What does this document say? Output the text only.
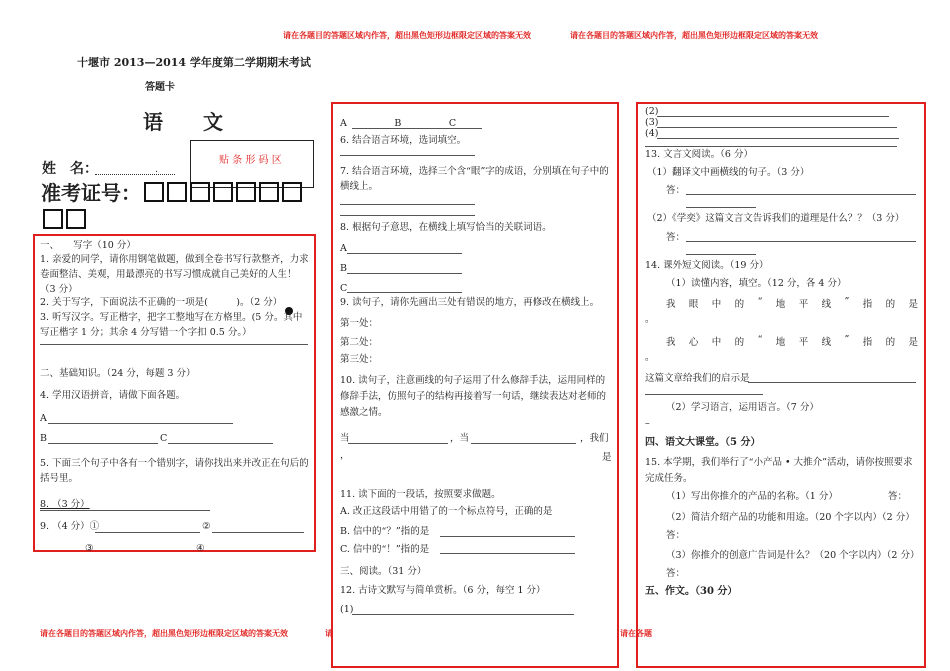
请在各题目的答题区域内作答，超出黑色矩形边框限定区域的答案无效	请在各题目的答题区域内作答，超出黑色矩形边框限定区域的答案无效
请在各题目的答题区域内作答，超出黑色矩形边框限定区域的答案无效	请	请在各题
十堰市 2013—2014 学年度第二学期期末考试
答题卡
语　　文
姓　名：	.
贴 条 形 码 区
准考证号：
一、　　写字（10 分）
1. 亲爱的同学，请你用钢笔做题，做到全卷书写行款整齐，力求卷面整洁、美观，用最漂亮的书写习惯成就自己美好的人生！（3 分）
2. 关于写字，下面说法不正确的一项是(　　　)。（2 分）
3. 听写汉字。写正楷字，把字工整地写在方格里。(5 分。其中写正楷字 1 分；其余 4 分写错一个字扣 0.5 分。）
二、基础知识。（24 分，每题 3 分）
4. 学用汉语拼音，请做下面各题。
A
B	C
5. 下面三个句子中各有一个错别字，请你找出来并改正在句后的括号里。
8. （3 分）
9. （4 分）①	②
③	④
A　　　　　B　　　　　C
6. 结合语言环境，选词填空。
7. 结合语言环境，选择三个含“眼”字的成语，分别填在句子中的横线上。
8. 根据句子意思，在横线上填写恰当的关联词语。
A
B
C
9. 读句子，请你先画出三处有错误的地方，再修改在横线上。
第一处：
第二处：
第三处：
10. 读句子，注意画线的句子运用了什么修辞手法，运用同样的修辞手法，仿照句子的结构再接着写一句话，继续表达对老师的感激之情。
当	，当	，我们
，	是
11. 读下面的一段话，按照要求做题。
A. 改正这段话中用错了的一个标点符号，正确的是
B. 信中的“？”指的是
C. 信中的“！”指的是
三、阅读。（31 分）
12. 古诗文默写与简单赏析。（6 分，每空 1 分）
(1)
(2)
(3)
(4)
13. 文言文阅读。（6 分）
（1）翻译文中画横线的句子。（3 分）
答：
（2）《学奕》这篇文言文告诉我们的道理是什么？？（3 分）
答：
14. 课外短文阅读。（19 分）
（1）读懂内容，填空。（12 分，各 4 分）
我 眼 中 的 “ 地 平 线 ” 指 的 是
。
我 心 中 的 “ 地 平 线 ” 指 的 是
。
这篇文章给我们的启示是
（2）学习语言，运用语言。（7 分）
–
四、语文大课堂。（5 分）
15. 本学期，我们举行了“小产品 • 大推介”活动，请你按照要求完成任务。
（1）写出你推介的产品的名称。（1 分）	答：
（2）简洁介绍产品的功能和用途。（20 个字以内）（2 分）
答：
（3）你推介的创意广告词是什么？（20 个字以内）（2 分）
答：
五、作文。（30 分）
